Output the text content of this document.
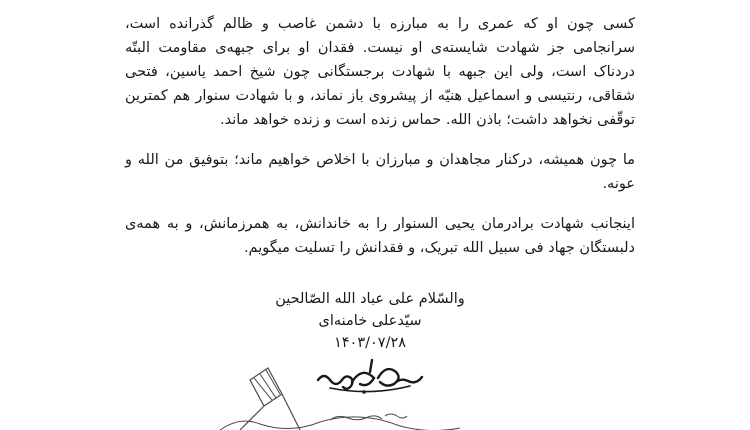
کسی چون او که عمری را به مبارزه با دشمن غاصب و ظالم گذرانده است، سرانجامی جز شهادت شایسته‌ی او نیست. فقدان او برای جبهه‌ی مقاومت البتّه دردناک است، ولی این جبهه با شهادت برجستگانی چون شیخ احمد یاسین، فتحی شقاقی، رنتیسی و اسماعیل هنیّه از پیشروی باز نماند، و با شهادت سنوار هم کمترین توقّفی نخواهد داشت؛ باذن الله. حماس زنده است و زنده خواهد ماند.

ما چون همیشه، درکنار مجاهدان و مبارزان با اخلاص خواهیم ماند؛ بتوفیق من الله و عونه.

اینجانب شهادت برادرمان یحیی السنوار را به خاندانش، به همرزمانش، و به همه‌ی دلبستگان جهاد فی سبیل الله تبریک، و فقدانش را تسلیت میگویم.

والسّلام علی عباد الله الصّالحین
سیّدعلی خامنه‌ای
۱۴۰۳/۰۷/۲۸
